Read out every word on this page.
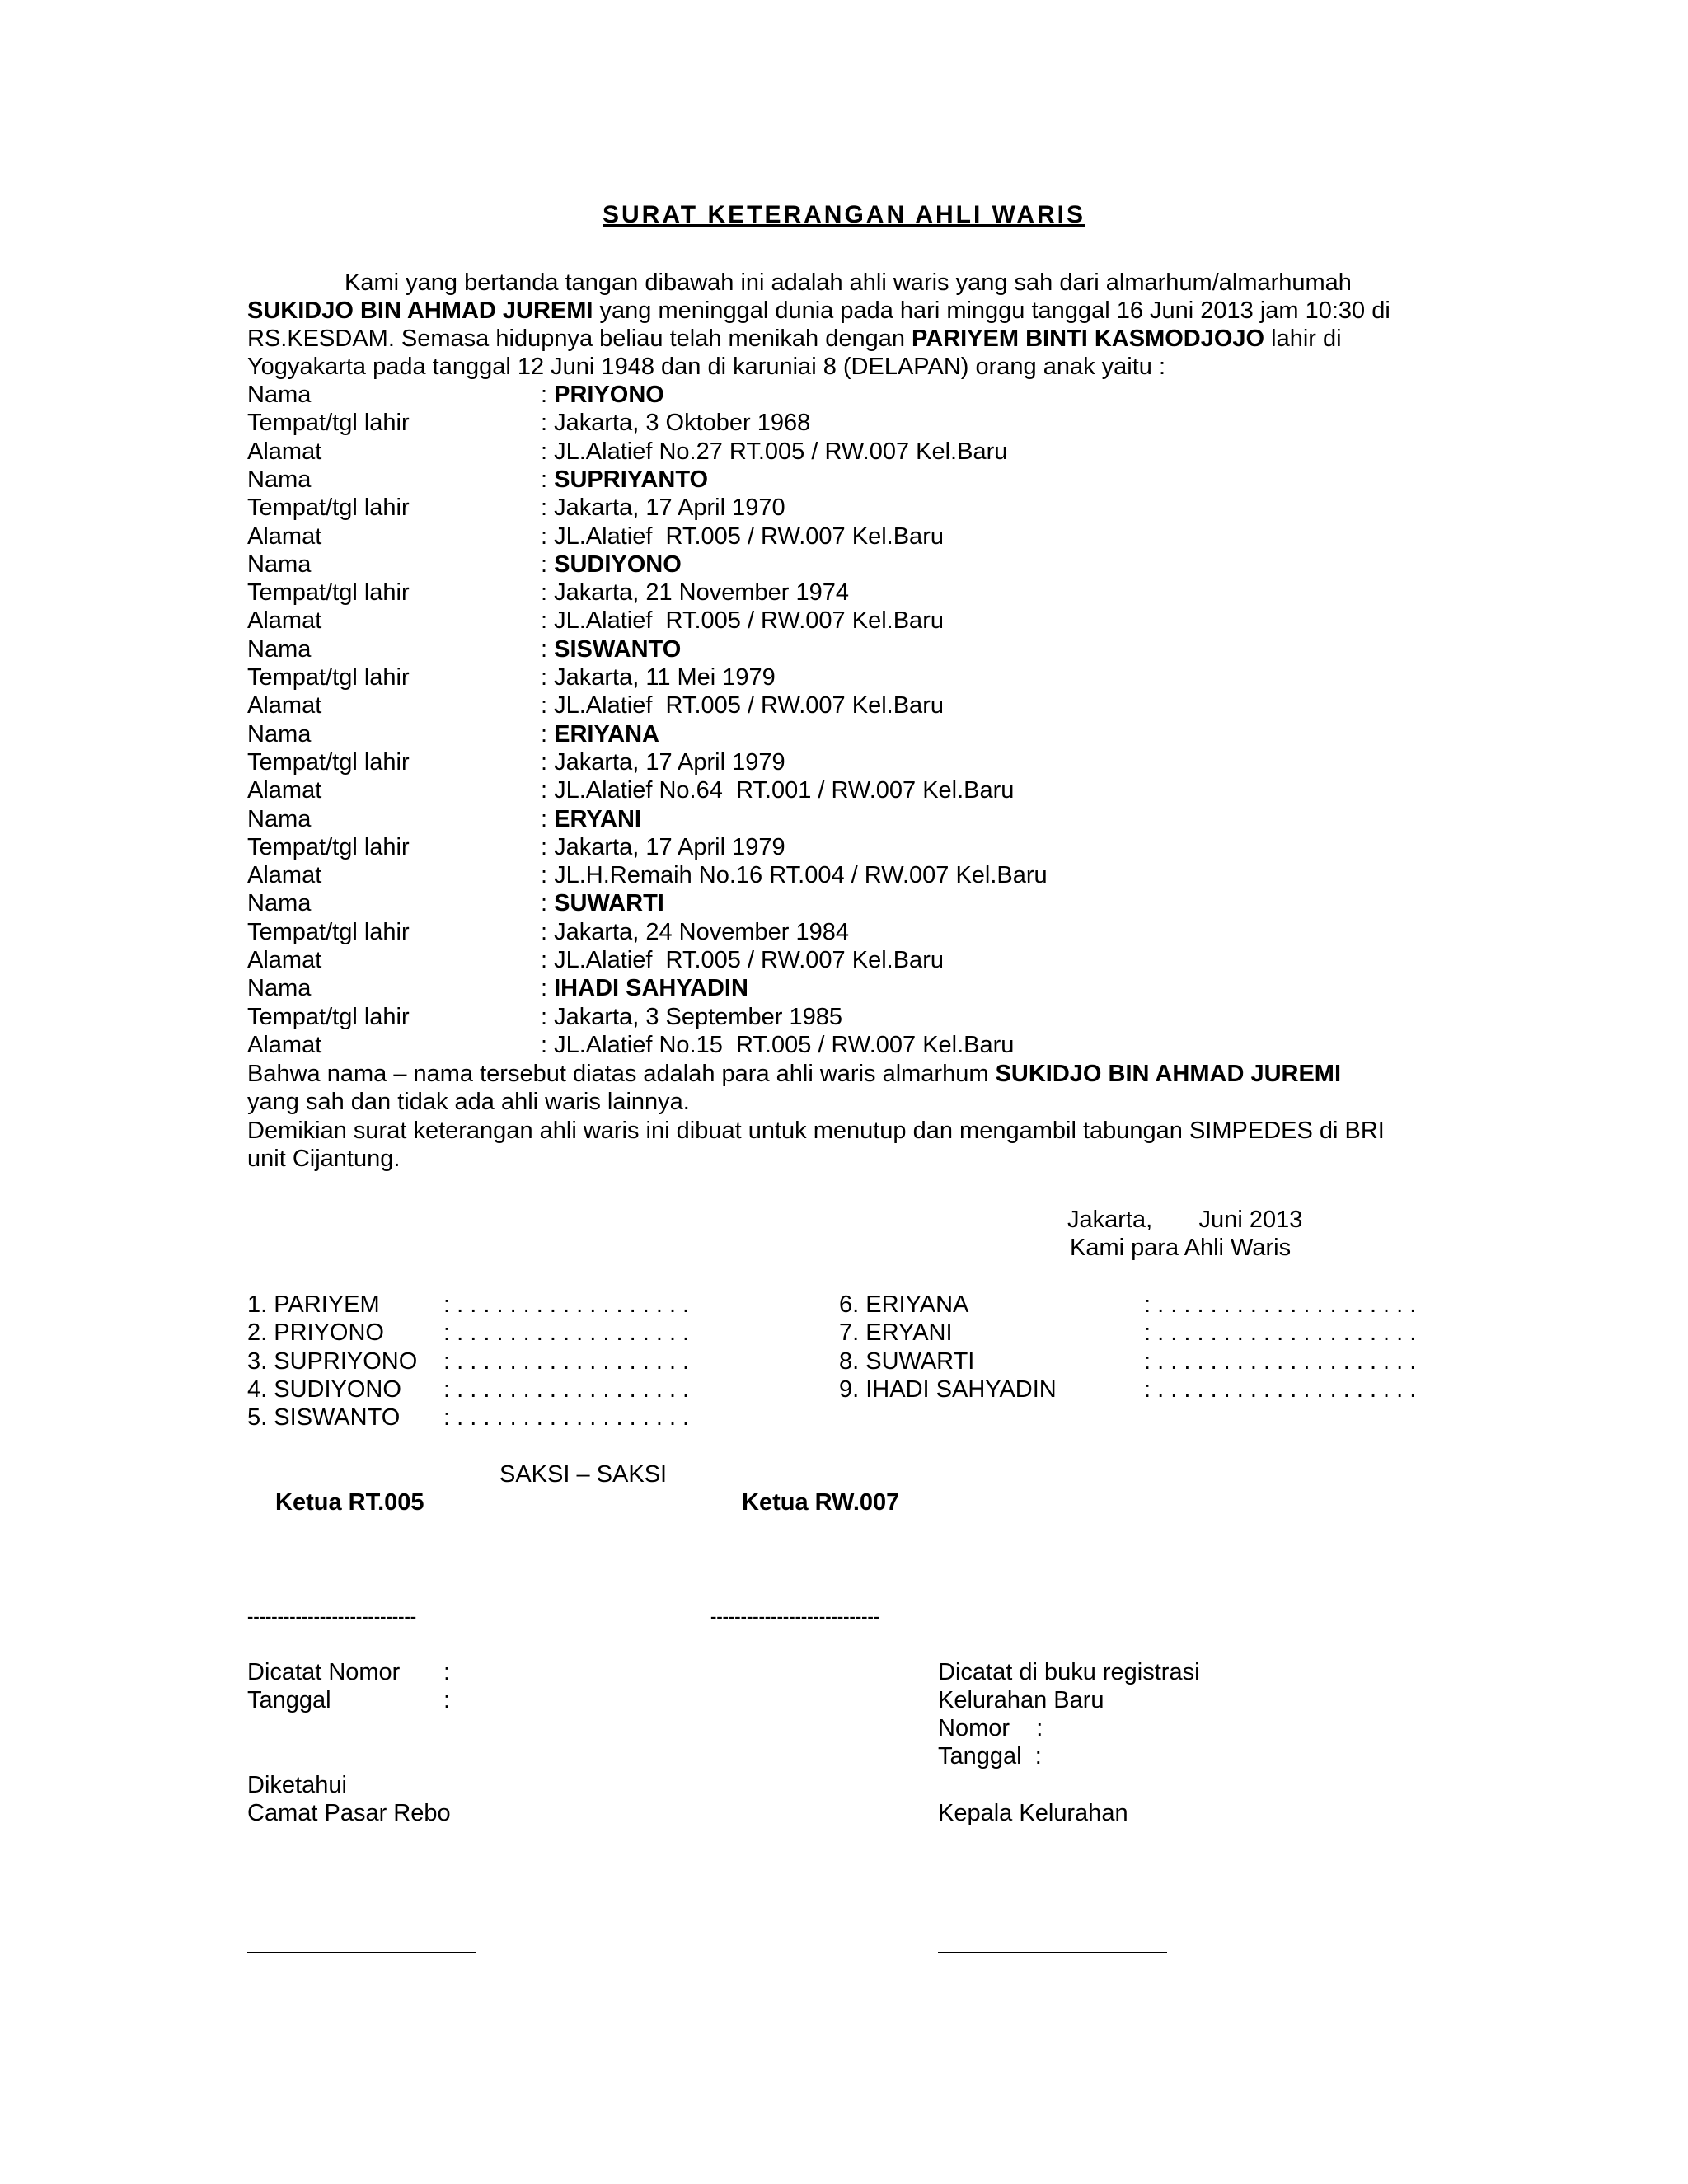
SURAT KETERANGAN AHLI WARIS
Kami yang bertanda tangan dibawah ini adalah ahli waris yang sah dari almarhum/almarhumah
SUKIDJO BIN AHMAD JUREMI yang meninggal dunia pada hari minggu tanggal 16 Juni 2013 jam 10:30 di
RS.KESDAM. Semasa hidupnya beliau telah menikah dengan PARIYEM BINTI KASMODJOJO lahir di
Yogyakarta pada tanggal 12 Juni 1948 dan di karuniai 8 (DELAPAN) orang anak yaitu :
Nama	: PRIYONO
Tempat/tgl lahir	: Jakarta, 3 Oktober 1968
Alamat	: JL.Alatief No.27 RT.005 / RW.007 Kel.Baru
Nama	: SUPRIYANTO
Tempat/tgl lahir	: Jakarta, 17 April 1970
Alamat	: JL.Alatief  RT.005 / RW.007 Kel.Baru
Nama	: SUDIYONO
Tempat/tgl lahir	: Jakarta, 21 November 1974
Alamat	: JL.Alatief  RT.005 / RW.007 Kel.Baru
Nama	: SISWANTO
Tempat/tgl lahir	: Jakarta, 11 Mei 1979
Alamat	: JL.Alatief  RT.005 / RW.007 Kel.Baru
Nama	: ERIYANA
Tempat/tgl lahir	: Jakarta, 17 April 1979
Alamat	: JL.Alatief No.64  RT.001 / RW.007 Kel.Baru
Nama	: ERYANI
Tempat/tgl lahir	: Jakarta, 17 April 1979
Alamat	: JL.H.Remaih No.16 RT.004 / RW.007 Kel.Baru
Nama	: SUWARTI
Tempat/tgl lahir	: Jakarta, 24 November 1984
Alamat	: JL.Alatief  RT.005 / RW.007 Kel.Baru
Nama	: IHADI SAHYADIN
Tempat/tgl lahir	: Jakarta, 3 September 1985
Alamat	: JL.Alatief No.15  RT.005 / RW.007 Kel.Baru
Bahwa nama – nama tersebut diatas adalah para ahli waris almarhum SUKIDJO BIN AHMAD JUREMI
yang sah dan tidak ada ahli waris lainnya.
Demikian surat keterangan ahli waris ini dibuat untuk menutup dan mengambil tabungan SIMPEDES di BRI
unit Cijantung.
Jakarta,       Juni 2013
Kami para Ahli Waris
1. PARIYEM	: . . . . . . . . . . . . . . . . . .
2. PRIYONO : . . . . . . . . . . . . . . . . . .
3. SUPRIYONO : . . . . . . . . . . . . . . . . . .
4. SUDIYONO : . . . . . . . . . . . . . . . . . .
5. SISWANTO : . . . . . . . . . . . . . . . . . .
6. ERIYANA	: . . . . . . . . . . . . . . . . . . . .
7. ERYANI	: . . . . . . . . . . . . . . . . . . . .
8. SUWARTI	: . . . . . . . . . . . . . . . . . . . .
9. IHADI SAHYADIN	: . . . . . . . . . . . . . . . . . . . .
SAKSI – SAKSI
Ketua RT.005	Ketua RW.007
----------------------------	----------------------------
Dicatat Nomor :
Tanggal	:
Dicatat di buku registrasi
Kelurahan Baru
Nomor    :
Tanggal  :
Diketahui
Camat Pasar Rebo	Kepala Kelurahan
